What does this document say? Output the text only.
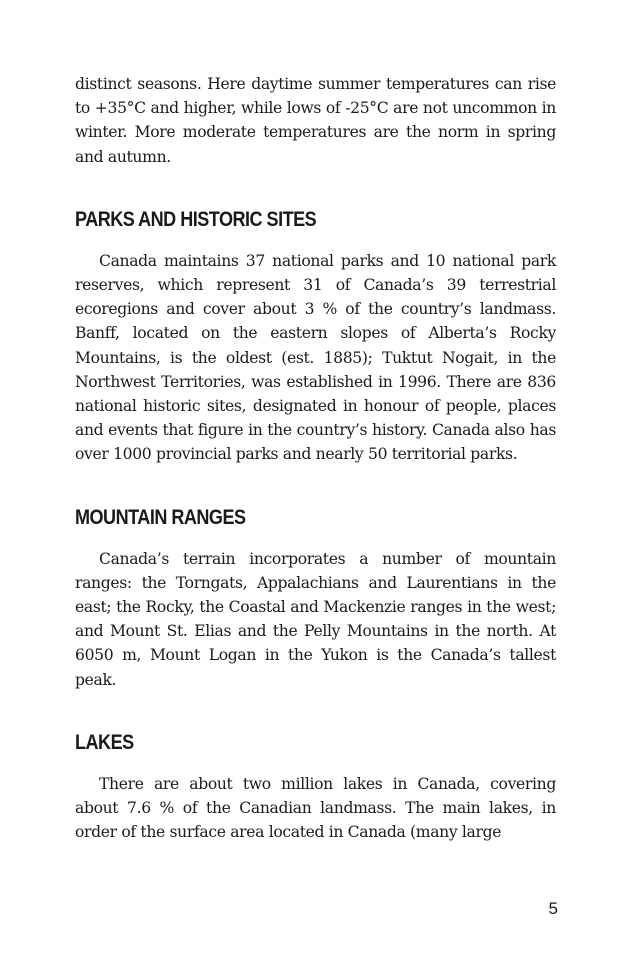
distinct seasons. Here daytime summer temperatures can rise to +35°C and higher, while lows of -25°C are not uncommon in winter. More moderate temperatures are the norm in spring and autumn.

PARKS AND HISTORIC SITES

Canada maintains 37 national parks and 10 national park reserves, which represent 31 of Canada’s 39 terrestrial ecoregions and cover about 3 % of the country’s landmass. Banff, located on the eastern slopes of Alberta’s Rocky Mountains, is the oldest (est. 1885); Tuktut Nogait, in the Northwest Territories, was established in 1996. There are 836 national historic sites, designated in honour of people, places and events that figure in the country’s history. Canada also has over 1000 provincial parks and nearly 50 territorial parks.

MOUNTAIN RANGES

Canada’s terrain incorporates a number of mountain ranges: the Torngats, Appalachians and Laurentians in the east; the Rocky, the Coastal and Mackenzie ranges in the west; and Mount St. Elias and the Pelly Mountains in the north. At 6050 m, Mount Logan in the Yukon is the Canada’s tallest peak.

LAKES

There are about two million lakes in Canada, covering about 7.6 % of the Canadian landmass. The main lakes, in order of the surface area located in Canada (many large

5
